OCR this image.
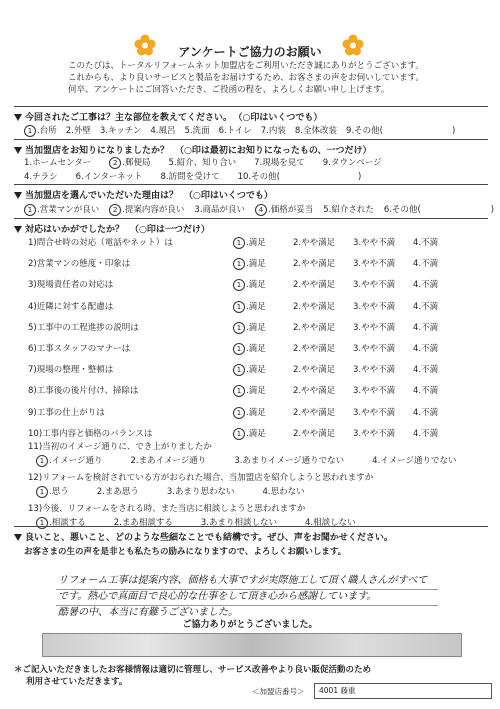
アンケートご協力のお願い
このたびは、トータルリフォームネット加盟店をご利用いただき誠にありがとうございます。
これからも、より良いサービスと製品をお届けするため、お客さまの声をお伺いしています。
何卒、アンケートにご回答いただき、ご投函の程を、よろしくお願い申し上げます。
今回されたご工事は？主な部位を教えてください。 （○印はいくつでも）
1 .台所 2.外壁 3.キッチン 4.風呂 5.洗面 6.トイレ 7.内装 8.全体改装 9.その他(	)
当加盟店をお知りになりましたか？ （○印は最初にお知りになったもの、一つだけ）
1.ホームセンター	2 .郵便局 5.紹介、知り合い 7.現場を見て 9.タウンページ
4.チラシ 6.インターネット 8.訪問を受けて 10.その他(	)
当加盟店を選んでいただいた理由は？ （○印はいくつでも）
1 .営業マンが良い 2 .提案内容が良い 3.商品が良い 4 .価格が妥当 5.紹介された 6.その他(	)
対応はいかがでしたか？ （○印は一つだけ）
1)問合せ時の対応（電話やネット）は	1 .満足	2.やや満足 3.やや不満 4.不満
2)営業マンの態度・印象は	1 .満足	2.やや満足 3.やや不満 4.不満
3)現場責任者の対応は	1 .満足	2.やや満足 3.やや不満 4.不満
4)近隣に対する配慮は	1 .満足	2.やや満足 3.やや不満 4.不満
5)工事中の工程進捗の説明は	1 .満足	2.やや満足 3.やや不満 4.不満
6)工事スタッフのマナーは	1 .満足	2.やや満足 3.やや不満 4.不満
7)現場の整理・整頓は	1 .満足	2.やや満足 3.やや不満 4.不満
8)工事後の後片付け、掃除は	1 .満足	2.やや満足 3.やや不満 4.不満
9)工事の仕上がりは	1 .満足	2.やや満足 3.やや不満 4.不満
10)工事内容と価格のバランスは	1 .満足	2.やや満足 3.やや不満 4.不満
11)当初のイメージ通りに、でき上がりましたか
1 .イメージ通り	2.まあイメージ通り	3.あまりイメージ通りでない	4.イメージ通りでない
12)リフォームを検討されている方がおられた場合、当加盟店を紹介しようと思われますか
1 .思う	2.まあ思う	3.あまり思わない	4.思わない
13)今後、リフォームをされる時、また当店に相談しようと思われますか
1 .相談する	2.まあ相談する	3.あまり相談しない	4.相談しない
良いこと、悪いこと、どのような些細なことでも結構です。ぜひ、声をお聞かせください。
お客さまの生の声を是非とも私たちの励みになりますので、よろしくお願いします。
リフォーム工事は提案内容、価格も大事ですが実際施工して頂く職人さんがすべて
です。熱心で真面目で良心的な仕事をして頂き心から感謝しています。
酷暑の中、本当に有難うございました。
ご協力ありがとうございました。
＊ご記入いただきましたお客様情報は適切に管理し、サービス改善やより良い販促活動のため
利用させていただきます。
＜加盟店番号＞	4001 藤重
